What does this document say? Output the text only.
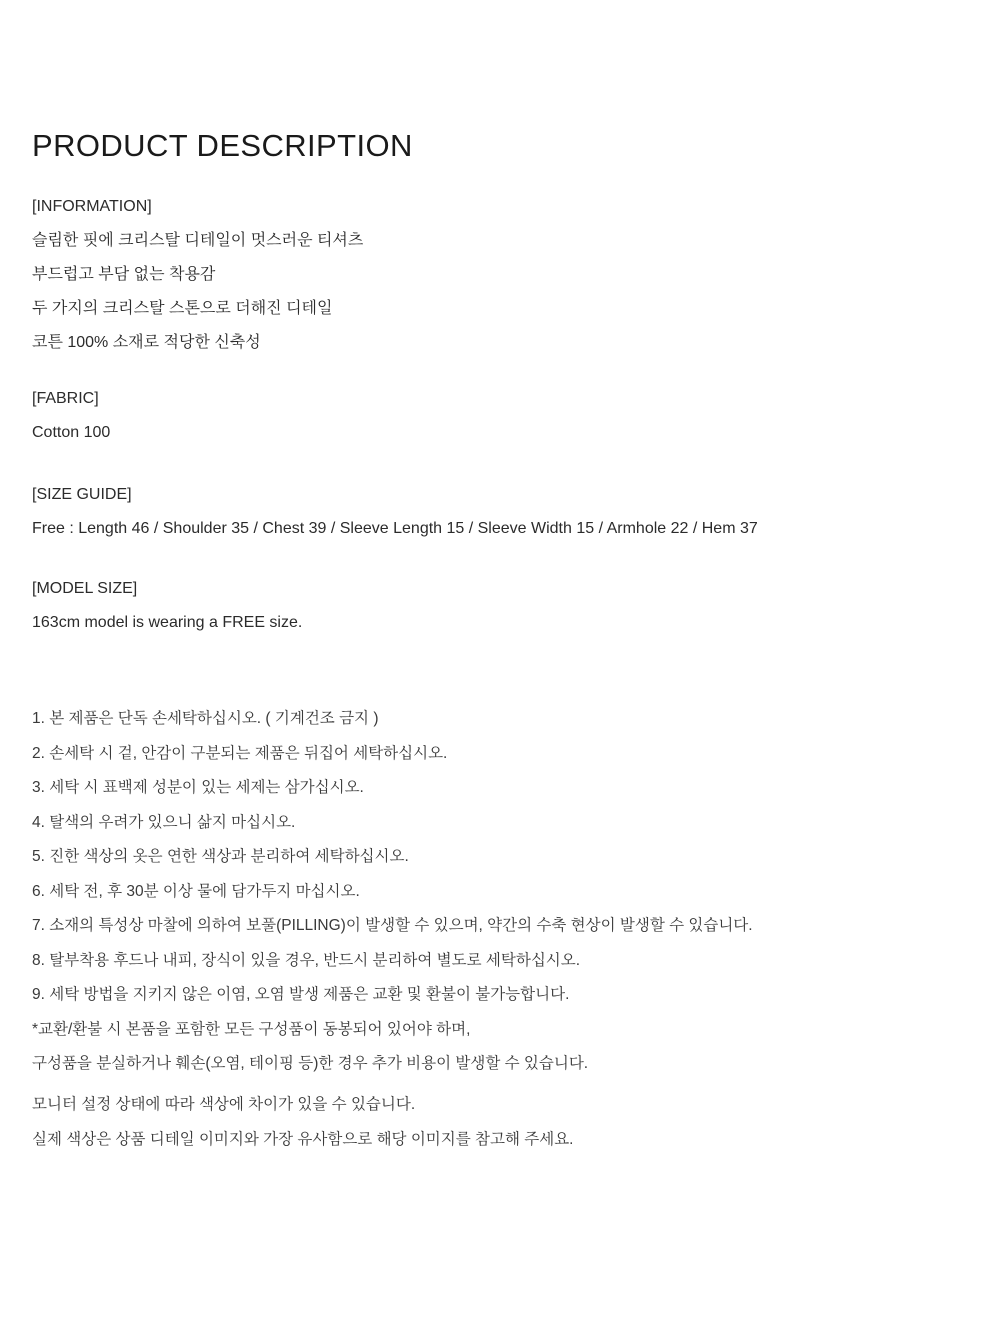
PRODUCT DESCRIPTION
[INFORMATION]
슬림한 핏에 크리스탈 디테일이 멋스러운 티셔츠
부드럽고 부담 없는 착용감
두 가지의 크리스탈 스톤으로 더해진 디테일
코튼 100% 소재로 적당한 신축성
[FABRIC]
Cotton 100
[SIZE GUIDE]
Free : Length 46 / Shoulder 35 / Chest 39 / Sleeve Length 15 / Sleeve Width 15 / Armhole 22 / Hem 37
[MODEL SIZE]
163cm model is wearing a FREE size.
1. 본 제품은 단독 손세탁하십시오. ( 기계건조 금지 )
2. 손세탁 시 겉, 안감이 구분되는 제품은 뒤집어 세탁하십시오.
3. 세탁 시 표백제 성분이 있는 세제는 삼가십시오.
4. 탈색의 우려가 있으니 삶지 마십시오.
5. 진한 색상의 옷은 연한 색상과 분리하여 세탁하십시오.
6. 세탁 전, 후 30분 이상 물에 담가두지 마십시오.
7. 소재의 특성상 마찰에 의하여 보풀(PILLING)이 발생할 수 있으며, 약간의 수축 현상이 발생할 수 있습니다.
8. 탈부착용 후드나 내피, 장식이 있을 경우, 반드시 분리하여 별도로 세탁하십시오.
9. 세탁 방법을 지키지 않은 이염, 오염 발생 제품은 교환 및 환불이 불가능합니다.
*교환/환불 시 본품을 포함한 모든 구성품이 동봉되어 있어야 하며,
구성품을 분실하거나 훼손(오염, 테이핑 등)한 경우 추가 비용이 발생할 수 있습니다.
모니터 설정 상태에 따라 색상에 차이가 있을 수 있습니다.
실제 색상은 상품 디테일 이미지와 가장 유사함으로 해당 이미지를 참고해 주세요.
